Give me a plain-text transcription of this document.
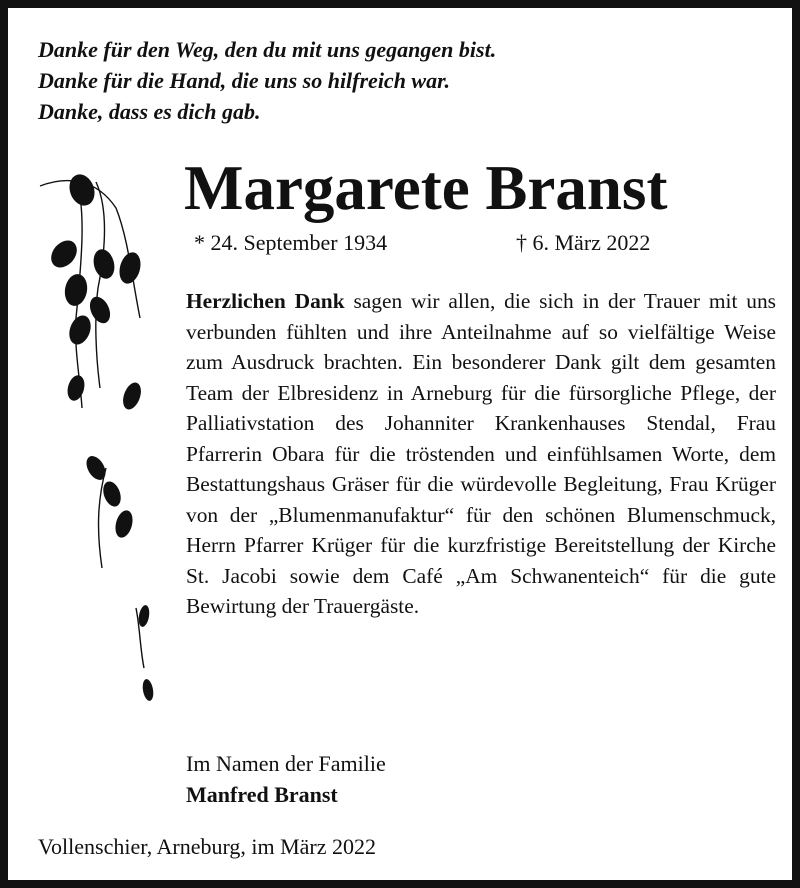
Danke für den Weg, den du mit uns gegangen bist.
Danke für die Hand, die uns so hilfreich war.
Danke, dass es dich gab.
Margarete Branst
* 24. September 1934	† 6. März 2022
Herzlichen Dank sagen wir allen, die sich in der Trauer mit uns verbunden fühlten und ihre Anteilnahme auf so vielfältige Weise zum Ausdruck brachten. Ein besonderer Dank gilt dem gesamten Team der Elbresidenz in Arneburg für die fürsorgliche Pflege, der Palliativstation des Johanniter Krankenhauses Stendal, Frau Pfarrerin Obara für die tröstenden und einfühlsamen Worte, dem Bestattungshaus Gräser für die würdevolle Begleitung, Frau Krüger von der „Blumenmanufaktur“ für den schönen Blumenschmuck, Herrn Pfarrer Krüger für die kurzfristige Bereitstellung der Kirche St. Jacobi sowie dem Café „Am Schwanenteich“ für die gute Bewirtung der Trauergäste.
Im Namen der Familie
Manfred Branst
Vollenschier, Arneburg, im März 2022
